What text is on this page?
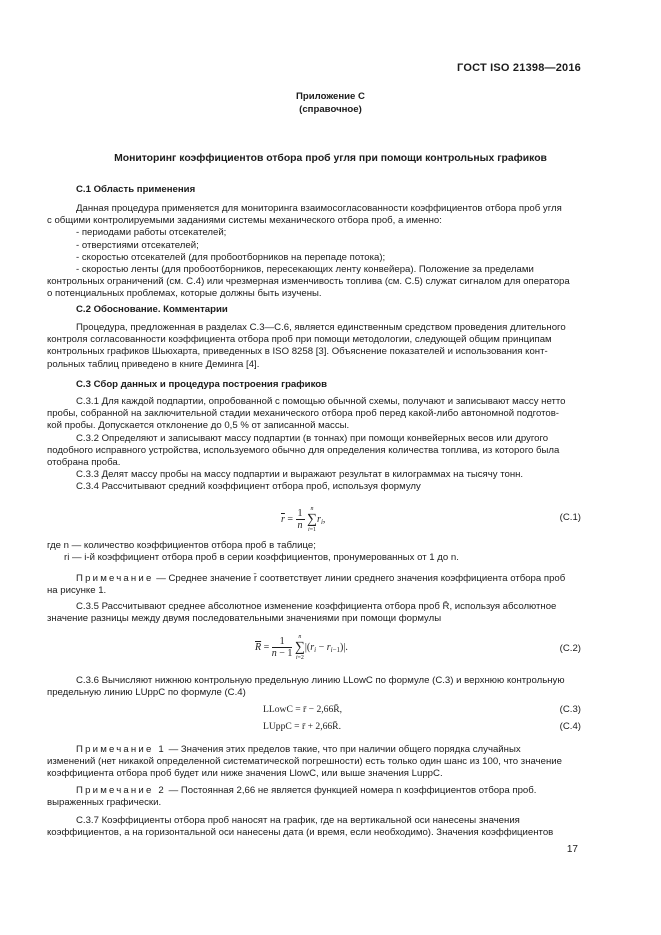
ГОСТ ISO 21398—2016
Приложение С
(справочное)
Мониторинг коэффициентов отбора проб угля при помощи контрольных графиков
С.1 Область применения
Данная процедура применяется для мониторинга взаимосогласованности коэффициентов отбора проб угля
с общими контролируемыми заданиями системы механического отбора проб, а именно:
- периодами работы отсекателей;
- отверстиями отсекателей;
- скоростью отсекателей (для пробоотборников на перепаде потока);
- скоростью ленты (для пробоотборников, пересекающих ленту конвейера). Положение за пределами
контрольных ограничений (см. С.4) или чрезмерная изменчивость топлива (см. С.5) служат сигналом для оператора
о потенциальных проблемах, которые должны быть изучены.
С.2 Обоснование. Комментарии
Процедура, предложенная в разделах С.3—С.6, является единственным средством проведения длительного
контроля согласованности коэффициента отбора проб при помощи методологии, следующей общим принципам
контрольных графиков Шьюхарта, приведенных в ISO 8258 [3]. Объяснение показателей и использования конт-
рольных таблиц приведено в книге Деминга [4].
С.3 Сбор данных и процедура построения графиков
С.3.1 Для каждой подпартии, опробованной с помощью обычной схемы, получают и записывают массу нетто
пробы, собранной на заключительной стадии механического отбора проб перед какой-либо автономной подготов-
кой пробы. Допускается отклонение до 0,5 % от записанной массы.
С.3.2 Определяют и записывают массу подпартии (в тоннах) при помощи конвейерных весов или другого
подобного исправного устройства, используемого обычно для определения количества топлива, из которого была
отобрана проба.
С.3.3 Делят массу пробы на массу подпартии и выражают результат в килограммах на тысячу тонн.
С.3.4 Рассчитывают средний коэффициент отбора проб, используя формулу
$\overline{r} = \frac{1}{n}$
n
∑
i=1
$r_i$,	(С.1)
где n — количество коэффициентов отбора проб в таблице;
ri — i-й коэффициент отбора проб в серии коэффициентов, пронумерованных от 1 до n.
Примечание — Среднее значение r̄ соответствует линии среднего значения коэффициента отбора проб
на рисунке 1.
С.3.5 Рассчитывают среднее абсолютное изменение коэффициента отбора проб R̄, используя абсолютное
значение разницы между двумя последовательными значениями при помощи формулы
$\overline{R} = \frac{1}{n - 1}$
n
∑
i=2
$|(r_i - r_{i-1})|$.	(С.2)
С.3.6 Вычисляют нижнюю контрольную предельную линию LLowC по формуле (С.3) и верхнюю контрольную
предельную линию LUppC по формуле (С.4)
LLowC = r̄ − 2,66R̄,	(С.3)
LUppC = r̄ + 2,66R̄.	(С.4)
Примечание 1 — Значения этих пределов такие, что при наличии общего порядка случайных
изменений (нет никакой определенной систематической погрешности) есть только один шанс из 100, что значение
коэффициента отбора проб будет или ниже значения LlowC, или выше значения LuppC.
Примечание 2 — Постоянная 2,66 не является функцией номера n коэффициентов отбора проб.
выраженных графически.
С.3.7 Коэффициенты отбора проб наносят на график, где на вертикальной оси нанесены значения
коэффициентов, а на горизонтальной оси нанесены дата (и время, если необходимо). Значения коэффициентов
17
